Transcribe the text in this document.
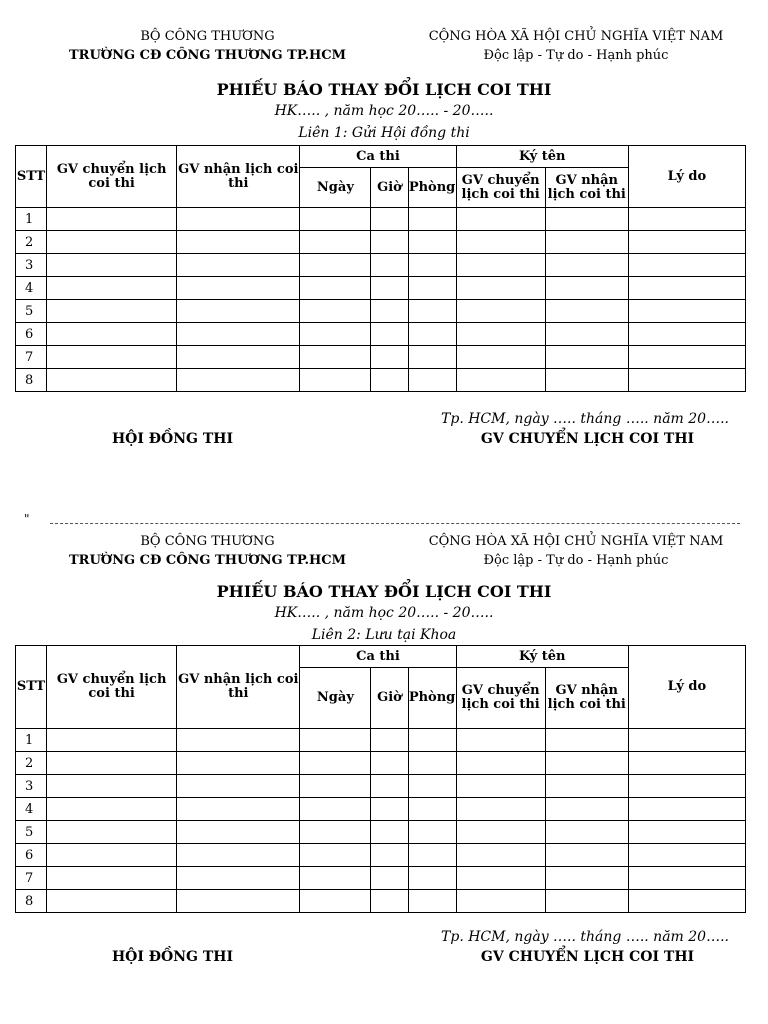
BỘ CÔNG THƯƠNG
TRƯỜNG CĐ CÔNG THƯƠNG TP.HCM
CỘNG HÒA XÃ HỘI CHỦ NGHĨA VIỆT NAM
Độc lập - Tự do - Hạnh phúc
PHIẾU BÁO THAY ĐỔI LỊCH COI THI
HK….. , năm học 20….. - 20…..
Liên 1: Gửi Hội đồng thi
STT	GV chuyển lịch coi thi	GV nhận lịch coi thi	Ca thi			Ký tên		Lý do
			Ngày	Giờ	Phòng	GV chuyển lịch coi thi	GV nhận lịch coi thi	
1								
2								
3								
4								
5								
6								
7								
8								
Tp. HCM, ngày ….. tháng ….. năm 20…..
HỘI ĐỒNG THI	GV CHUYỂN LỊCH COI THI
"
BỘ CÔNG THƯƠNG
TRƯỜNG CĐ CÔNG THƯƠNG TP.HCM
CỘNG HÒA XÃ HỘI CHỦ NGHĨA VIỆT NAM
Độc lập - Tự do - Hạnh phúc
PHIẾU BÁO THAY ĐỔI LỊCH COI THI
HK….. , năm học 20….. - 20…..
Liên 2: Lưu tại Khoa
STT	GV chuyển lịch coi thi	GV nhận lịch coi thi	Ca thi			Ký tên		Lý do
			Ngày	Giờ	Phòng	GV chuyển lịch coi thi	GV nhận lịch coi thi	
1								
2								
3								
4								
5								
6								
7								
8								
Tp. HCM, ngày ….. tháng ….. năm 20…..
HỘI ĐỒNG THI	GV CHUYỂN LỊCH COI THI
